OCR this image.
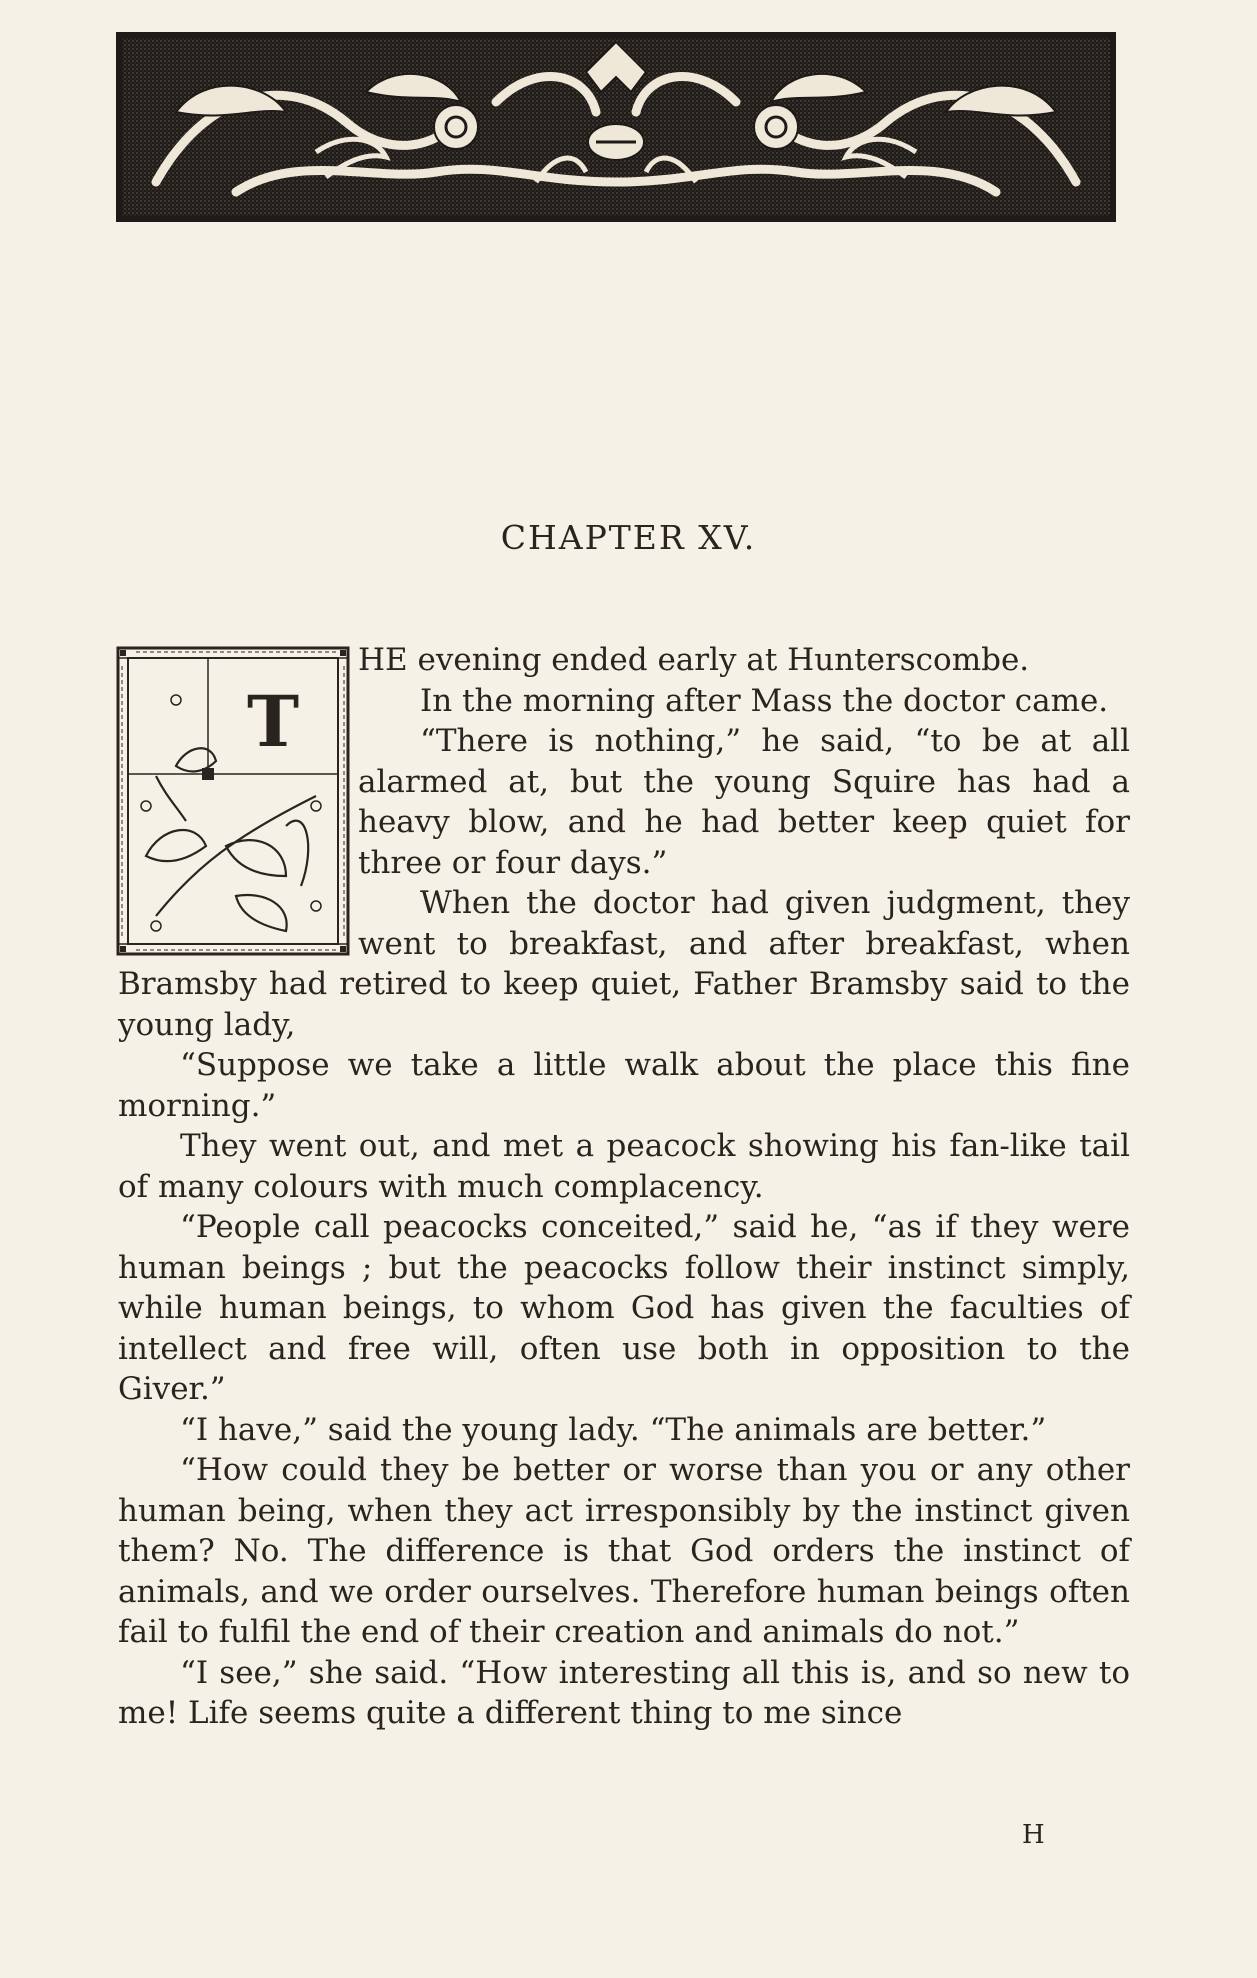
CHAPTER XV.
T

HE evening ended early at Hunterscombe.

In the morning after Mass the doctor came.

“There is nothing,” he said, “to be at all alarmed at, but the young Squire has had a heavy blow, and he had better keep quiet for three or four days.”

When the doctor had given judgment, they went to breakfast, and after breakfast, when Bramsby had retired to keep quiet, Father Bramsby said to the young lady,

“Suppose we take a little walk about the place this fine morning.”

They went out, and met a peacock showing his fan-like tail of many colours with much complacency.

“People call peacocks conceited,” said he, “as if they were human beings ; but the peacocks follow their instinct simply, while human beings, to whom God has given the faculties of intellect and free will, often use both in opposition to the Giver.”

“I have,” said the young lady. “The animals are better.”

“How could they be better or worse than you or any other human being, when they act irresponsibly by the instinct given them? No. The difference is that God orders the instinct of animals, and we order ourselves. Therefore human beings often fail to fulfil the end of their creation and animals do not.”

“I see,” she said. “How interesting all this is, and so new to me! Life seems quite a different thing to me since

H
